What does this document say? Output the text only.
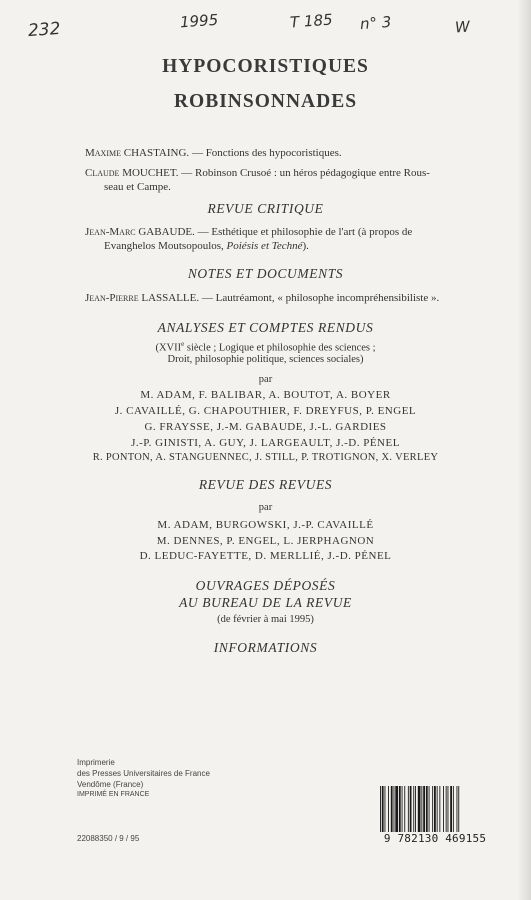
232	1995	T 185 n° 3	W
HYPOCORISTIQUES
ROBINSONNADES
Maxime CHASTAING. — Fonctions des hypocoristiques.
Claude MOUCHET. — Robinson Crusoé : un héros pédagogique entre Rous-
seau et Campe.
REVUE CRITIQUE
Jean-Marc GABAUDE. — Esthétique et philosophie de l'art (à propos de
Evanghelos Moutsopoulos, Poiésis et Techné).
NOTES ET DOCUMENTS
Jean-Pierre LASSALLE. — Lautréamont, « philosophe incompréhensibiliste ».
ANALYSES ET COMPTES RENDUS
(XVIIe siècle ; Logique et philosophie des sciences ;
Droit, philosophie politique, sciences sociales)
par
M. ADAM, F. BALIBAR, A. BOUTOT, A. BOYER
J. CAVAILLÉ, G. CHAPOUTHIER, F. DREYFUS, P. ENGEL
G. FRAYSSE, J.-M. GABAUDE, J.-L. GARDIES
J.-P. GINISTI, A. GUY, J. LARGEAULT, J.-D. PÉNEL
R. PONTON, A. STANGUENNEC, J. STILL, P. TROTIGNON, X. VERLEY
REVUE DES REVUES
par
M. ADAM, BURGOWSKI, J.-P. CAVAILLÉ
M. DENNES, P. ENGEL, L. JERPHAGNON
D. LEDUC-FAYETTE, D. MERLLIÉ, J.-D. PÉNEL
OUVRAGES DÉPOSÉS
AU BUREAU DE LA REVUE
(de février à mai 1995)
INFORMATIONS
Imprimerie
des Presses Universitaires de France
Vendôme (France)
IMPRIMÉ EN FRANCE
22088350 / 9 / 95	9 782130 469155
